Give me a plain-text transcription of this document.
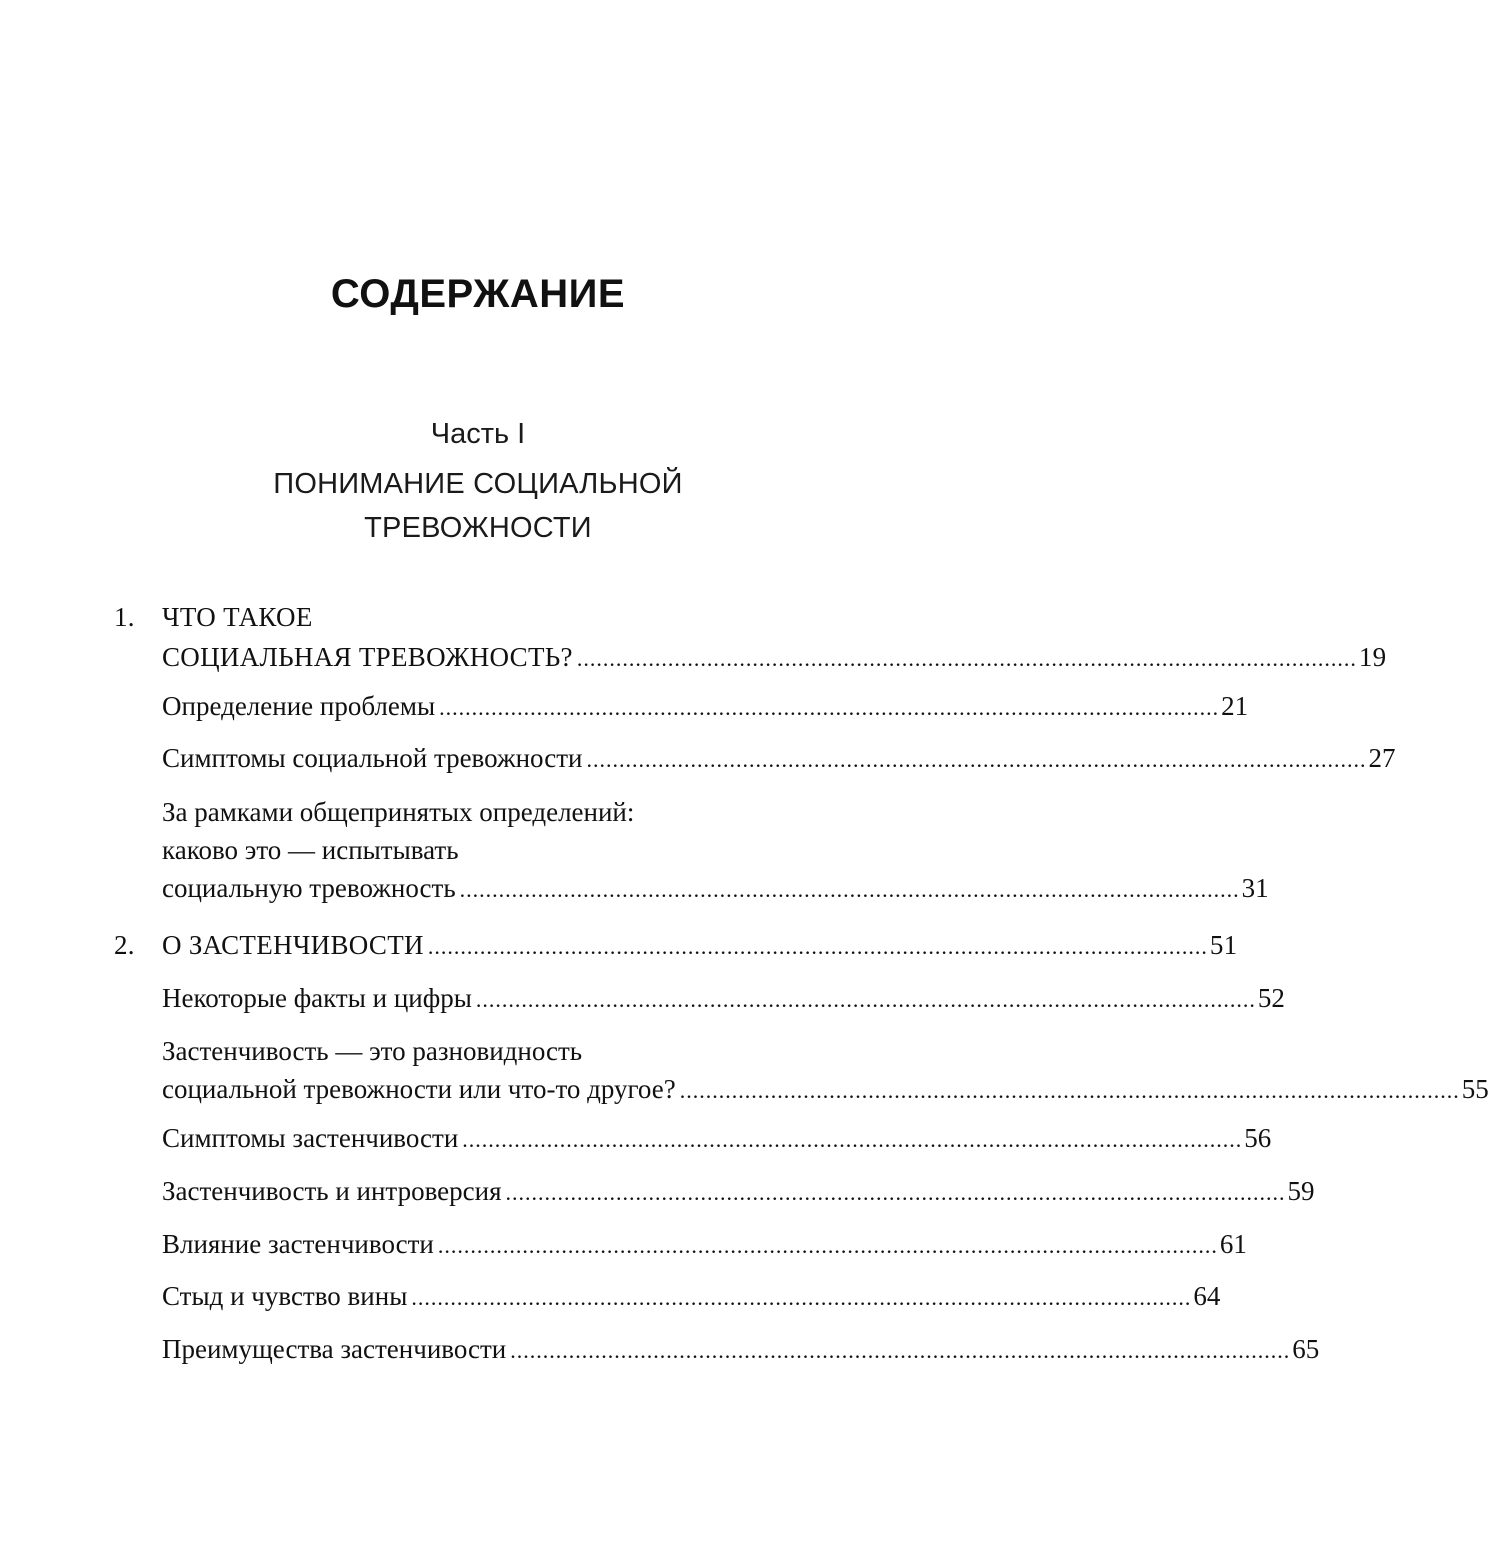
СОДЕРЖАНИЕ
Часть I
ПОНИМАНИЕ СОЦИАЛЬНОЙ
ТРЕВОЖНОСТИ
1. ЧТО ТАКОЕ
СОЦИАЛЬНАЯ ТРЕВОЖНОСТЬ? ........................................................................................................................ 19
Определение проблемы ........................................................................................................................ 21
Симптомы социальной тревожности ........................................................................................................................ 27
За рамками общепринятых определений:
каково это — испытывать
социальную тревожность ........................................................................................................................ 31
2. О ЗАСТЕНЧИВОСТИ ........................................................................................................................ 51
Некоторые факты и цифры ........................................................................................................................ 52
Застенчивость — это разновидность
социальной тревожности или что-то другое? ........................................................................................................................ 55
Симптомы застенчивости ........................................................................................................................ 56
Застенчивость и интроверсия ........................................................................................................................ 59
Влияние застенчивости ........................................................................................................................ 61
Стыд и чувство вины ........................................................................................................................ 64
Преимущества застенчивости ........................................................................................................................ 65
